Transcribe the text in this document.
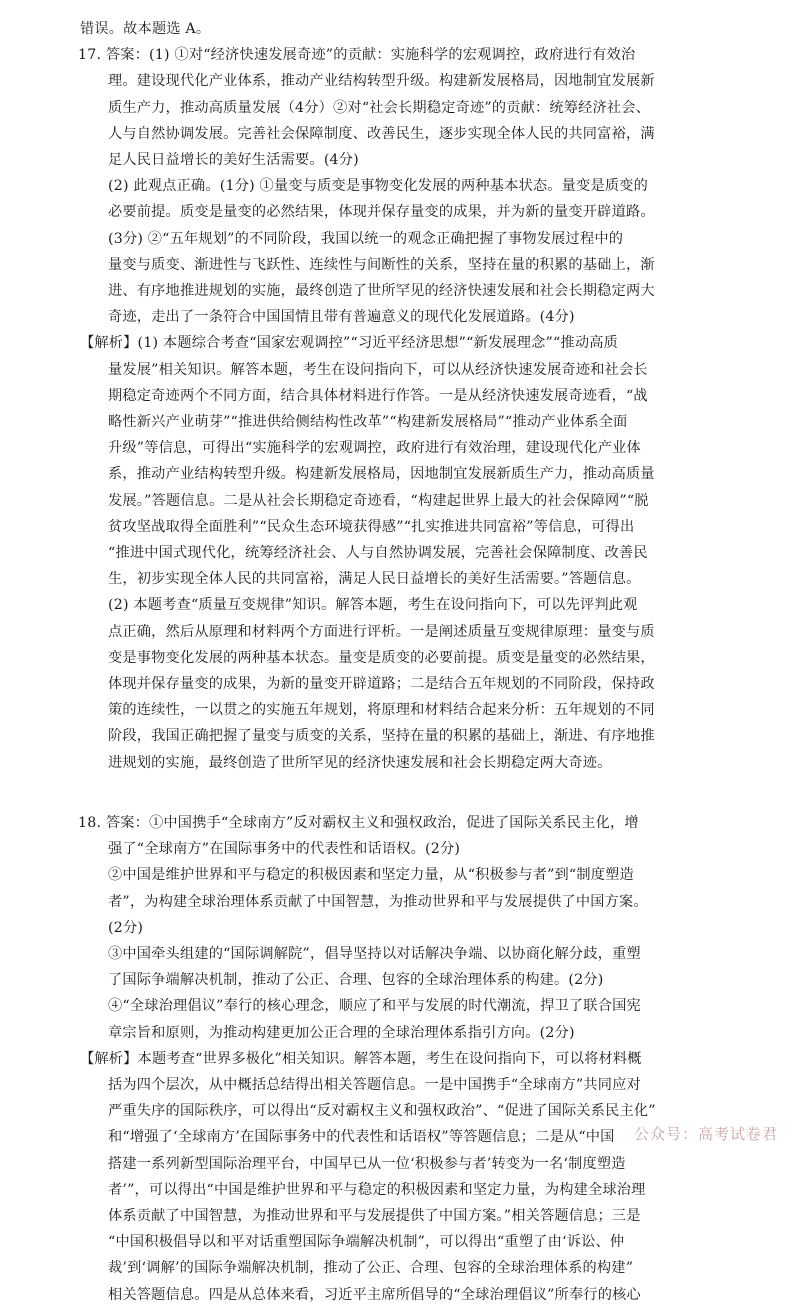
错误。故本题选 A。
17. 答案：(1) ①对“经济快速发展奇迹”的贡献：实施科学的宏观调控，政府进行有效治
理。建设现代化产业体系，推动产业结构转型升级。构建新发展格局，因地制宜发展新
质生产力，推动高质量发展（4分）②对“社会长期稳定奇迹”的贡献：统筹经济社会、
人与自然协调发展。完善社会保障制度、改善民生，逐步实现全体人民的共同富裕，满
足人民日益增长的美好生活需要。(4分)
(2) 此观点正确。(1分) ①量变与质变是事物变化发展的两种基本状态。量变是质变的
必要前提。质变是量变的必然结果，体现并保存量变的成果，并为新的量变开辟道路。
(3分) ②“五年规划”的不同阶段，我国以统一的观念正确把握了事物发展过程中的
量变与质变、渐进性与飞跃性、连续性与间断性的关系，坚持在量的积累的基础上，渐
进、有序地推进规划的实施，最终创造了世所罕见的经济快速发展和社会长期稳定两大
奇迹，走出了一条符合中国国情且带有普遍意义的现代化发展道路。(4分)
【解析】(1) 本题综合考查“国家宏观调控”“习近平经济思想”“新发展理念”“推动高质
量发展”相关知识。解答本题，考生在设问指向下，可以从经济快速发展奇迹和社会长
期稳定奇迹两个不同方面，结合具体材料进行作答。一是从经济快速发展奇迹看，“战
略性新兴产业萌芽”“推进供给侧结构性改革”“构建新发展格局”“推动产业体系全面
升级”等信息，可得出“实施科学的宏观调控，政府进行有效治理，建设现代化产业体
系，推动产业结构转型升级。构建新发展格局，因地制宜发展新质生产力，推动高质量
发展。”答题信息。二是从社会长期稳定奇迹看，“构建起世界上最大的社会保障网”“脱
贫攻坚战取得全面胜利”“民众生态环境获得感”“扎实推进共同富裕”等信息，可得出
“推进中国式现代化，统筹经济社会、人与自然协调发展，完善社会保障制度、改善民
生，初步实现全体人民的共同富裕，满足人民日益增长的美好生活需要。”答题信息。
(2) 本题考查“质量互变规律”知识。解答本题，考生在设问指向下，可以先评判此观
点正确，然后从原理和材料两个方面进行评析。一是阐述质量互变规律原理：量变与质
变是事物变化发展的两种基本状态。量变是质变的必要前提。质变是量变的必然结果，
体现并保存量变的成果，为新的量变开辟道路；二是结合五年规划的不同阶段，保持政
策的连续性，一以贯之的实施五年规划，将原理和材料结合起来分析：五年规划的不同
阶段，我国正确把握了量变与质变的关系，坚持在量的积累的基础上，渐进、有序地推
进规划的实施，最终创造了世所罕见的经济快速发展和社会长期稳定两大奇迹。
18. 答案：①中国携手“全球南方”反对霸权主义和强权政治，促进了国际关系民主化，增
强了“全球南方”在国际事务中的代表性和话语权。(2分)
②中国是维护世界和平与稳定的积极因素和坚定力量，从“积极参与者”到“制度塑造
者”，为构建全球治理体系贡献了中国智慧，为推动世界和平与发展提供了中国方案。
(2分)
③中国牵头组建的“国际调解院”，倡导坚持以对话解决争端、以协商化解分歧，重塑
了国际争端解决机制，推动了公正、合理、包容的全球治理体系的构建。(2分)
④“全球治理倡议”奉行的核心理念，顺应了和平与发展的时代潮流，捍卫了联合国宪
章宗旨和原则，为推动构建更加公正合理的全球治理体系指引方向。(2分)
【解析】本题考查“世界多极化”相关知识。解答本题，考生在设问指向下，可以将材料概
括为四个层次，从中概括总结得出相关答题信息。一是中国携手“全球南方”共同应对
严重失序的国际秩序，可以得出“反对霸权主义和强权政治”、“促进了国际关系民主化”
和“增强了‘全球南方’在国际事务中的代表性和话语权”等答题信息；二是从“中国
搭建一系列新型国际治理平台，中国早已从一位‘积极参与者’转变为一名‘制度塑造
者’”，可以得出“中国是维护世界和平与稳定的积极因素和坚定力量，为构建全球治理
体系贡献了中国智慧，为推动世界和平与发展提供了中国方案。”相关答题信息；三是
“中国积极倡导以和平对话重塑国际争端解决机制”，可以得出“重塑了由‘诉讼、仲
裁’到‘调解’的国际争端解决机制，推动了公正、合理、包容的全球治理体系的构建”
相关答题信息。四是从总体来看，习近平主席所倡导的“全球治理倡议”所奉行的核心
公众号：高考试卷君
